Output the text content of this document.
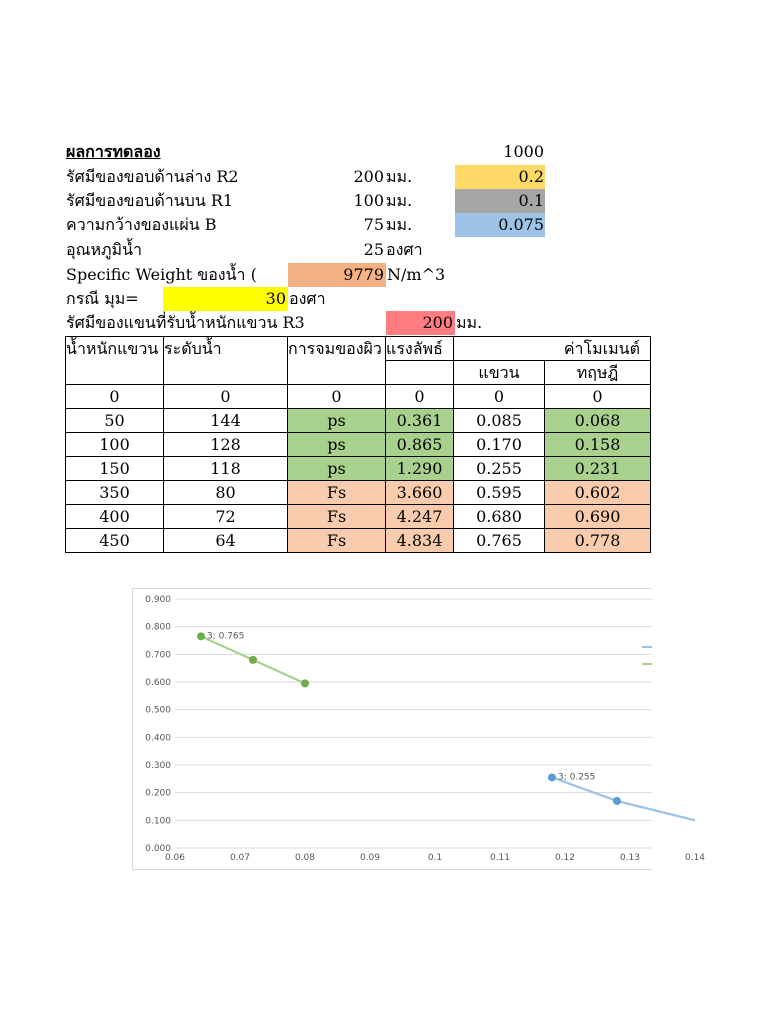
ผลการทดลอง	1000
รัศมีของขอบด้านล่าง R2	200 มม.	0.2
รัศมีของขอบด้านบน R1	100 มม.	0.1
ความกว้างของแผ่น B	75 มม.	0.075
อุณหภูมิน้ำ	25 องศา
Specific Weight ของน้ำ (	9779 N/m^3
กรณี มุม=	30 องศา
รัศมีของแขนที่รับน้ำหนักแขวน R3	200 มม.
น้ำหนักแขวน	ระดับน้ำ	การจมของผิว	แรงลัพธ์	ค่าโมเมนต์	
				แขวน	ทฤษฎี
0	0	0	0	0	0
50	144	ps	0.361	0.085	0.068
100	128	ps	0.865	0.170	0.158
150	118	ps	1.290	0.255	0.231
350	80	Fs	3.660	0.595	0.602
400	72	Fs	4.247	0.680	0.690
450	64	Fs	4.834	0.765	0.778
0.000
0.100
0.200
0.300
0.400
0.500
0.600
0.700
0.800
0.900
0.06	0.07	0.08	0.09	0.1	0.11	0.12	0.13	0.14
3; 0.255
3; 0.765
